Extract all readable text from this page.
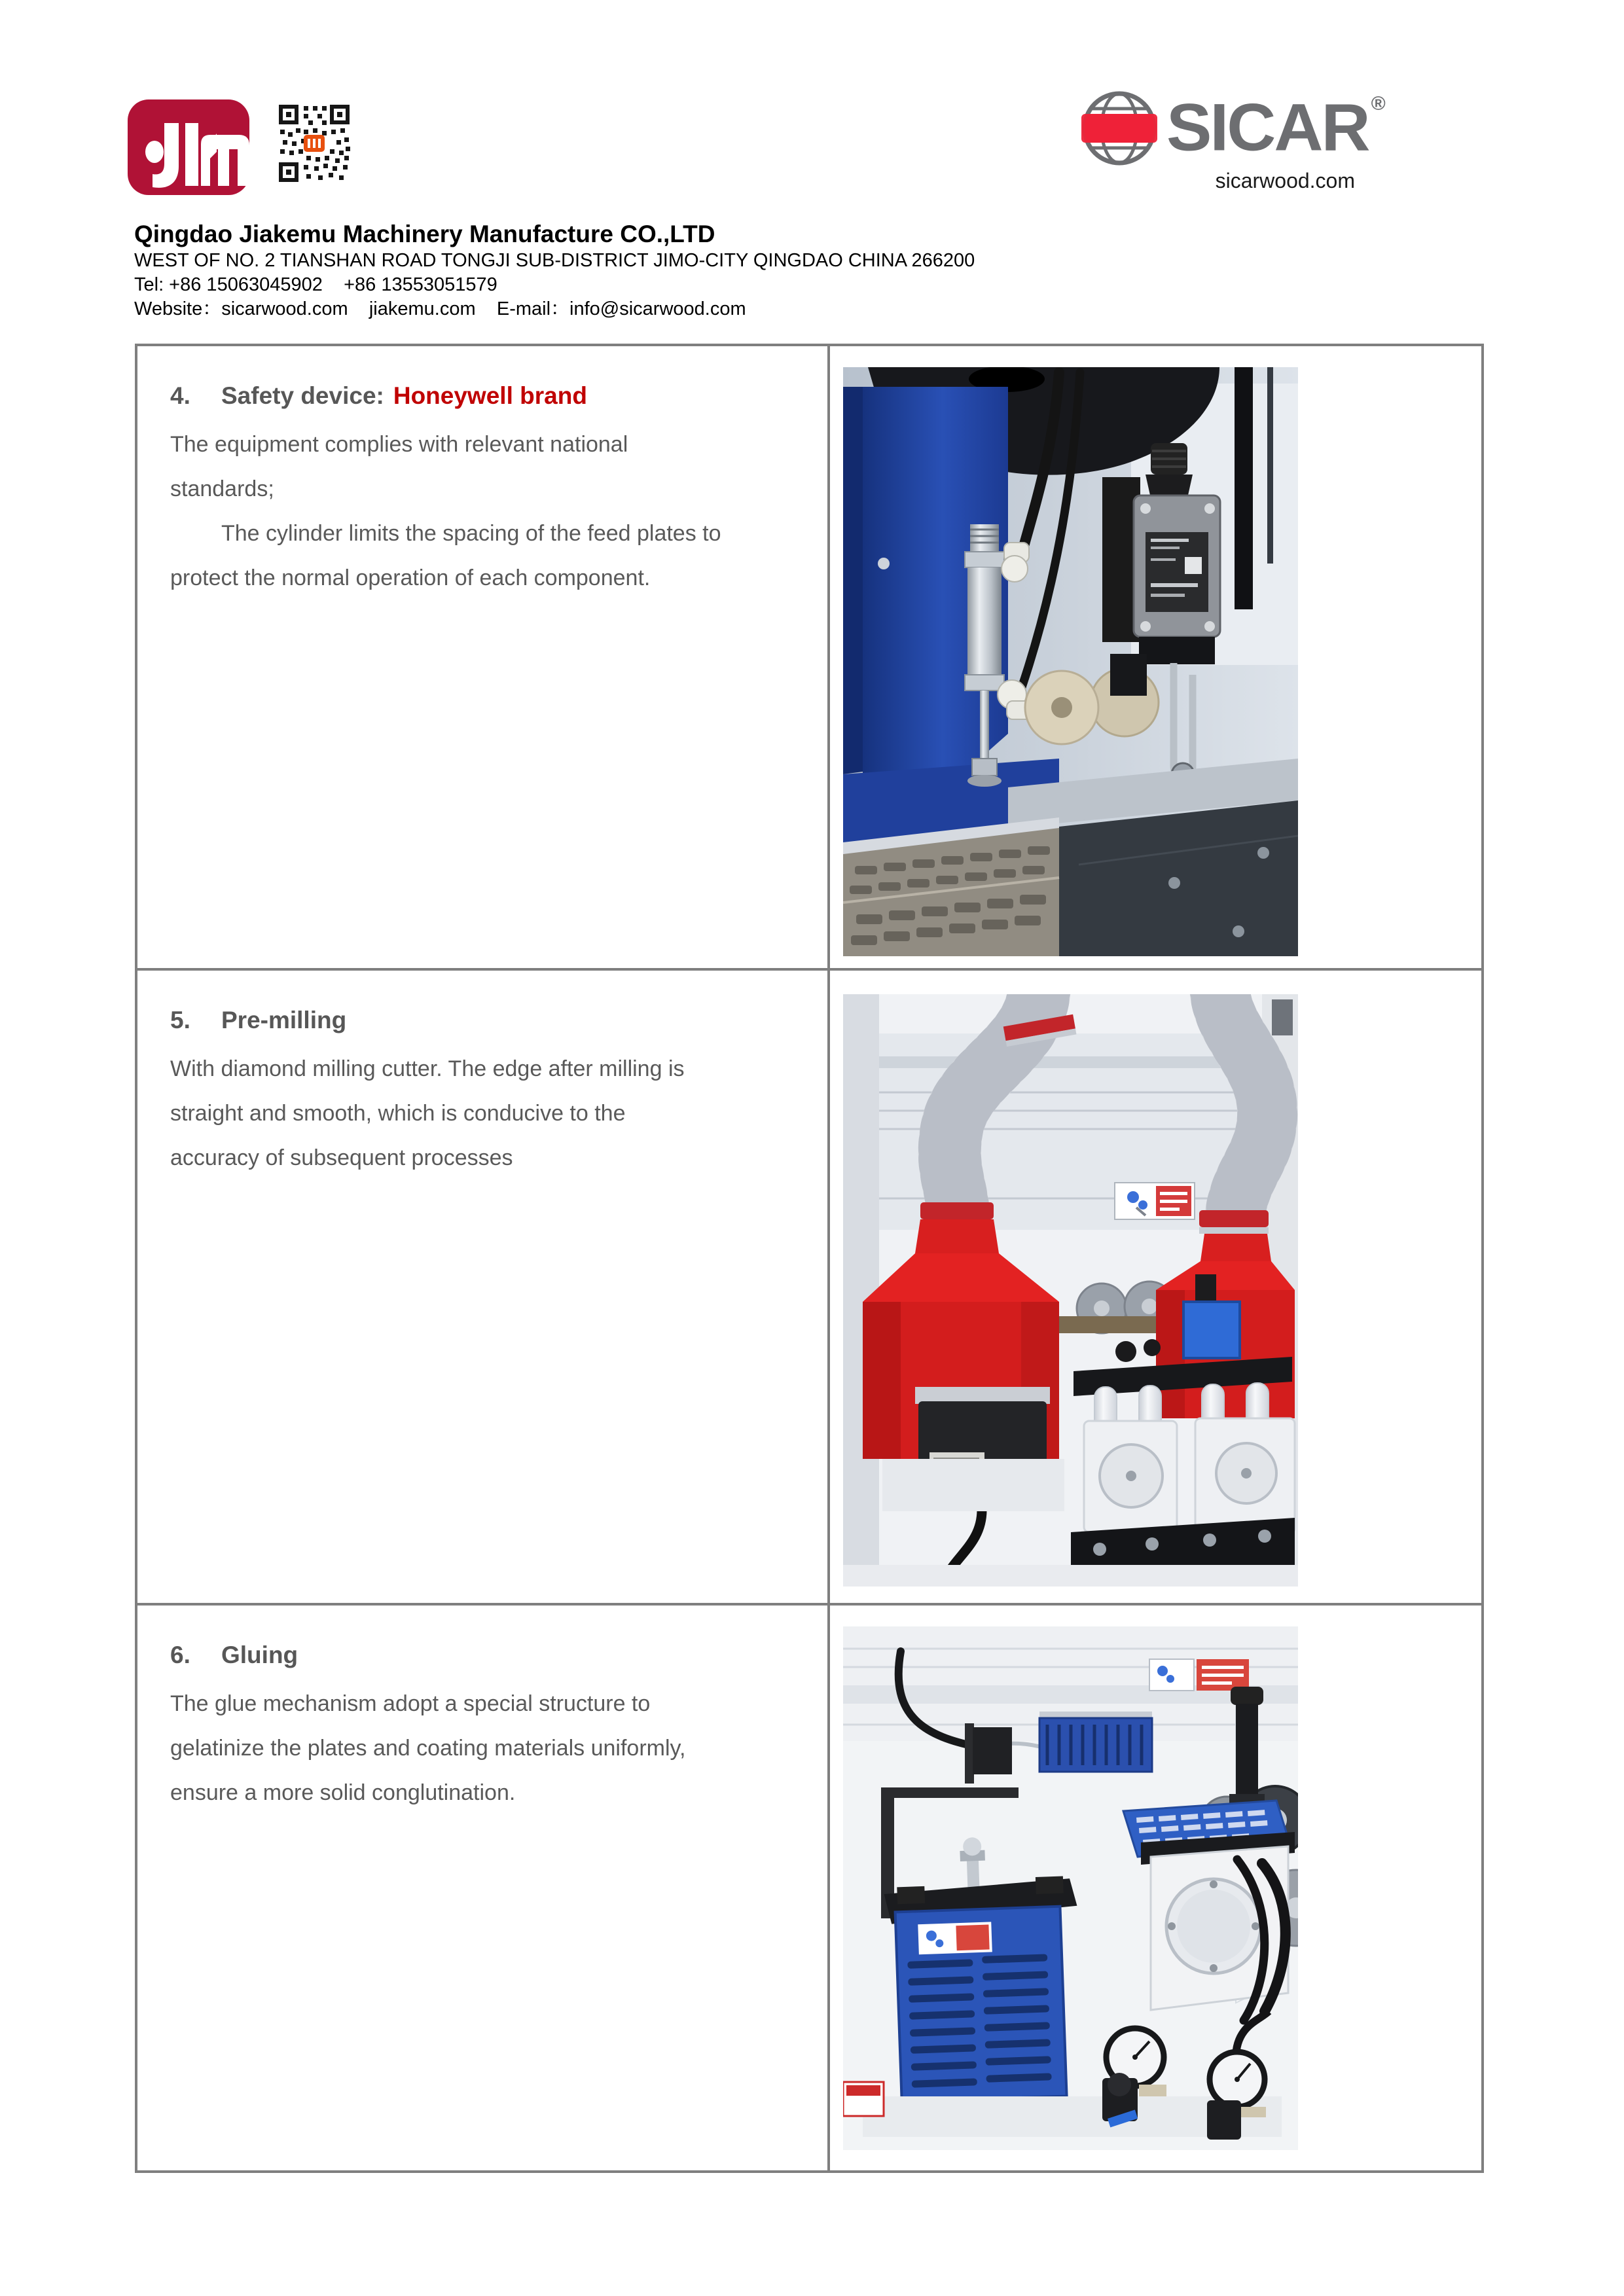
SICAR ®
sicarwood.com
Qingdao Jiakemu Machinery Manufacture CO.,LTD
WEST OF NO. 2 TIANSHAN ROAD TONGJI SUB-DISTRICT JIMO-CITY QINGDAO CHINA 266200
Tel: +86 15063045902    +86 13553051579
Website：sicarwood.com    jiakemu.com    E-mail：info@sicarwood.com
4.	Safety device: Honeywell brand
The equipment complies with relevant national
standards;
The cylinder limits the spacing of the feed plates to
protect the normal operation of each component.
5.	Pre-milling
With diamond milling cutter. The edge after milling is
straight and smooth, which is conducive to the
accuracy of subsequent processes
6.	Gluing
The glue mechanism adopt a special structure to
gelatinize the plates and coating materials uniformly,
ensure a more solid conglutination.
